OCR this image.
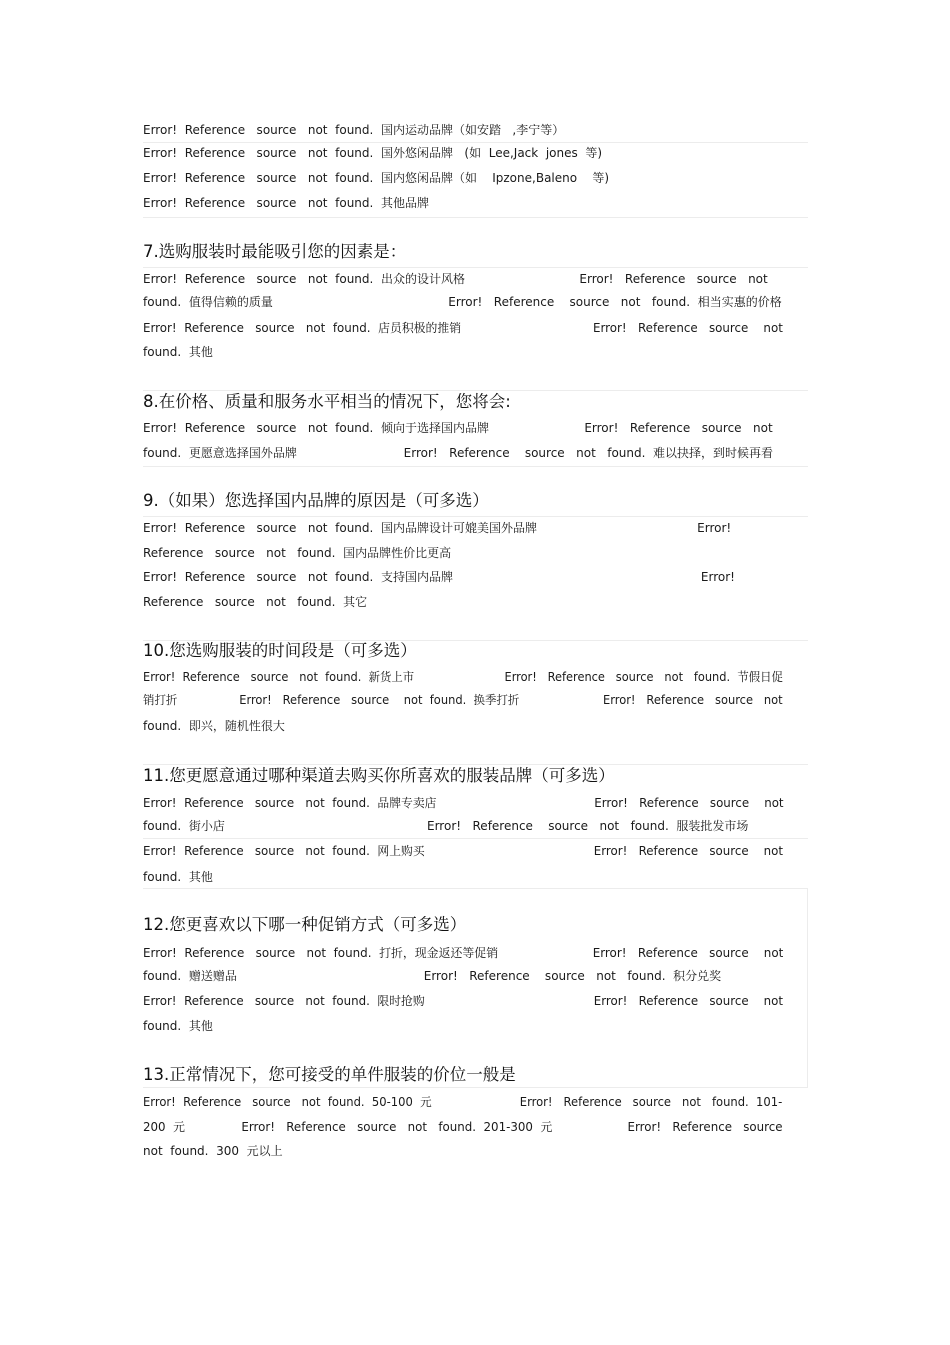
Error!  Reference   source   not  found.  国内运动品牌（如安踏   ,李宁等）
Error!  Reference   source   not  found.  国外悠闲品牌   (如  Lee,Jack  jones  等)
Error!  Reference   source   not  found.  国内悠闲品牌（如    Ipzone,Baleno    等)
Error!  Reference   source   not  found.  其他品牌
7.选购服装时最能吸引您的因素是：
Error!  Reference   source   not  found.  出众的设计风格                              Error!   Reference   source   not
found.  值得信赖的质量                                              Error!   Reference    source   not   found.  相当实惠的价格
Error!  Reference   source   not  found.  店员积极的推销                                   Error!   Reference   source    not
found.  其他
8.在价格、质量和服务水平相当的情况下，您将会:
Error!  Reference   source   not  found.  倾向于选择国内品牌                         Error!   Reference   source   not
found.  更愿意选择国外品牌                            Error!   Reference    source   not   found.  难以抉择，到时候再看
9.（如果）您选择国内品牌的原因是（可多选）
Error!  Reference   source   not  found.  国内品牌设计可媲美国外品牌                                          Error!
Reference   source   not   found.  国内品牌性价比更高
Error!  Reference   source   not  found.  支持国内品牌                                                                 Error!
Reference   source   not   found.  其它
10.您选购服装的时间段是（可多选）
Error!  Reference   source   not  found.  新货上市                         Error!   Reference   source   not   found.  节假日促
销打折                 Error!   Reference   source    not  found.  换季打折                       Error!   Reference   source   not
found.  即兴，随机性很大
11.您更愿意通过哪种渠道去购买你所喜欢的服装品牌（可多选）
Error!  Reference   source   not  found.  品牌专卖店                                          Error!   Reference   source    not
found.  街小店                                                     Error!   Reference    source   not   found.  服装批发市场
Error!  Reference   source   not  found.  网上购买                                             Error!   Reference   source    not
found.  其他
12.您更喜欢以下哪一种促销方式（可多选）
Error!  Reference   source   not  found.  打折，现金返还等促销                         Error!   Reference   source    not
found.  赠送赠品                                                 Error!   Reference    source   not   found.  积分兑奖
Error!  Reference   source   not  found.  限时抢购                                             Error!   Reference   source    not
found.  其他
13.正常情况下，您可接受的单件服装的价位一般是
Error!  Reference   source   not  found.  50-100  元                        Error!   Reference   source   not   found.  101-
200  元               Error!   Reference   source   not   found.  201-300  元                    Error!   Reference   source
not  found.  300  元以上
